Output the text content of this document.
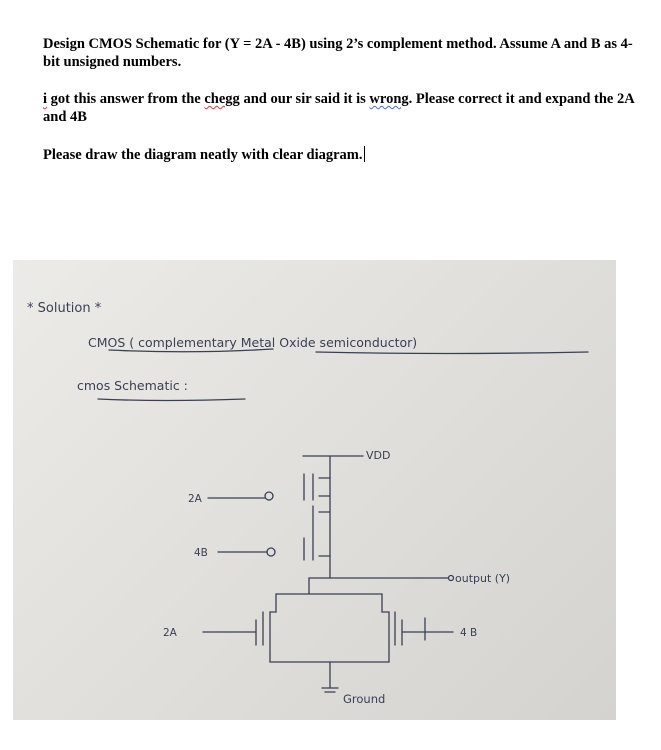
Design CMOS Schematic for (Y = 2A - 4B) using 2’s complement method. Assume A and B as 4-bit unsigned numbers.
i got this answer from the chegg and our sir said it is wrong. Please correct it and expand the 2A and 4B
Please draw the diagram neatly with clear diagram.
* Solution *
CMOS ( complementary Metal Oxide semiconductor)
cmos Schematic :
VDD
2A
4B
output (Y)
2A	4 B
Ground
